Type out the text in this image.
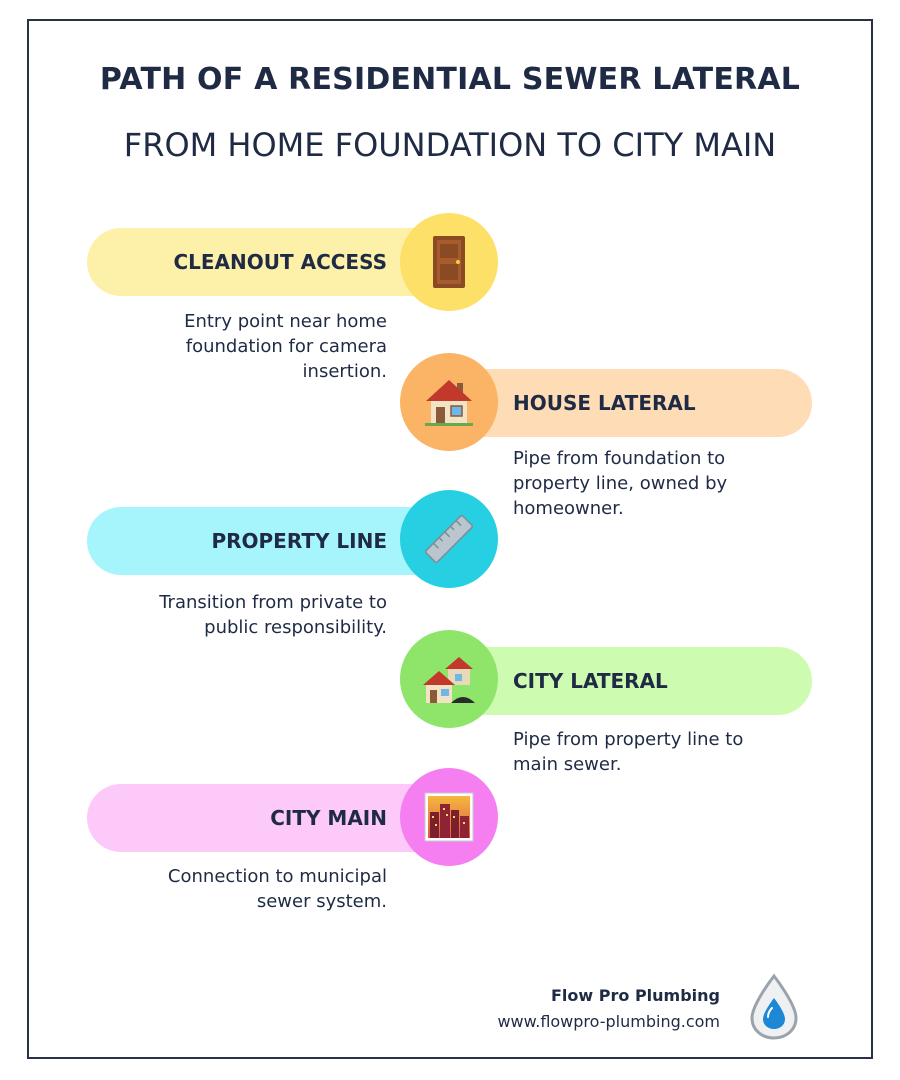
PATH OF A RESIDENTIAL SEWER LATERAL
FROM HOME FOUNDATION TO CITY MAIN
CLEANOUT ACCESS
Entry point near home foundation for camera insertion.
HOUSE LATERAL
Pipe from foundation to property line, owned by homeowner.
PROPERTY LINE
Transition from private to public responsibility.
CITY LATERAL
Pipe from property line to main sewer.
CITY MAIN
Connection to municipal sewer system.
Flow Pro Plumbing
www.flowpro-plumbing.com
